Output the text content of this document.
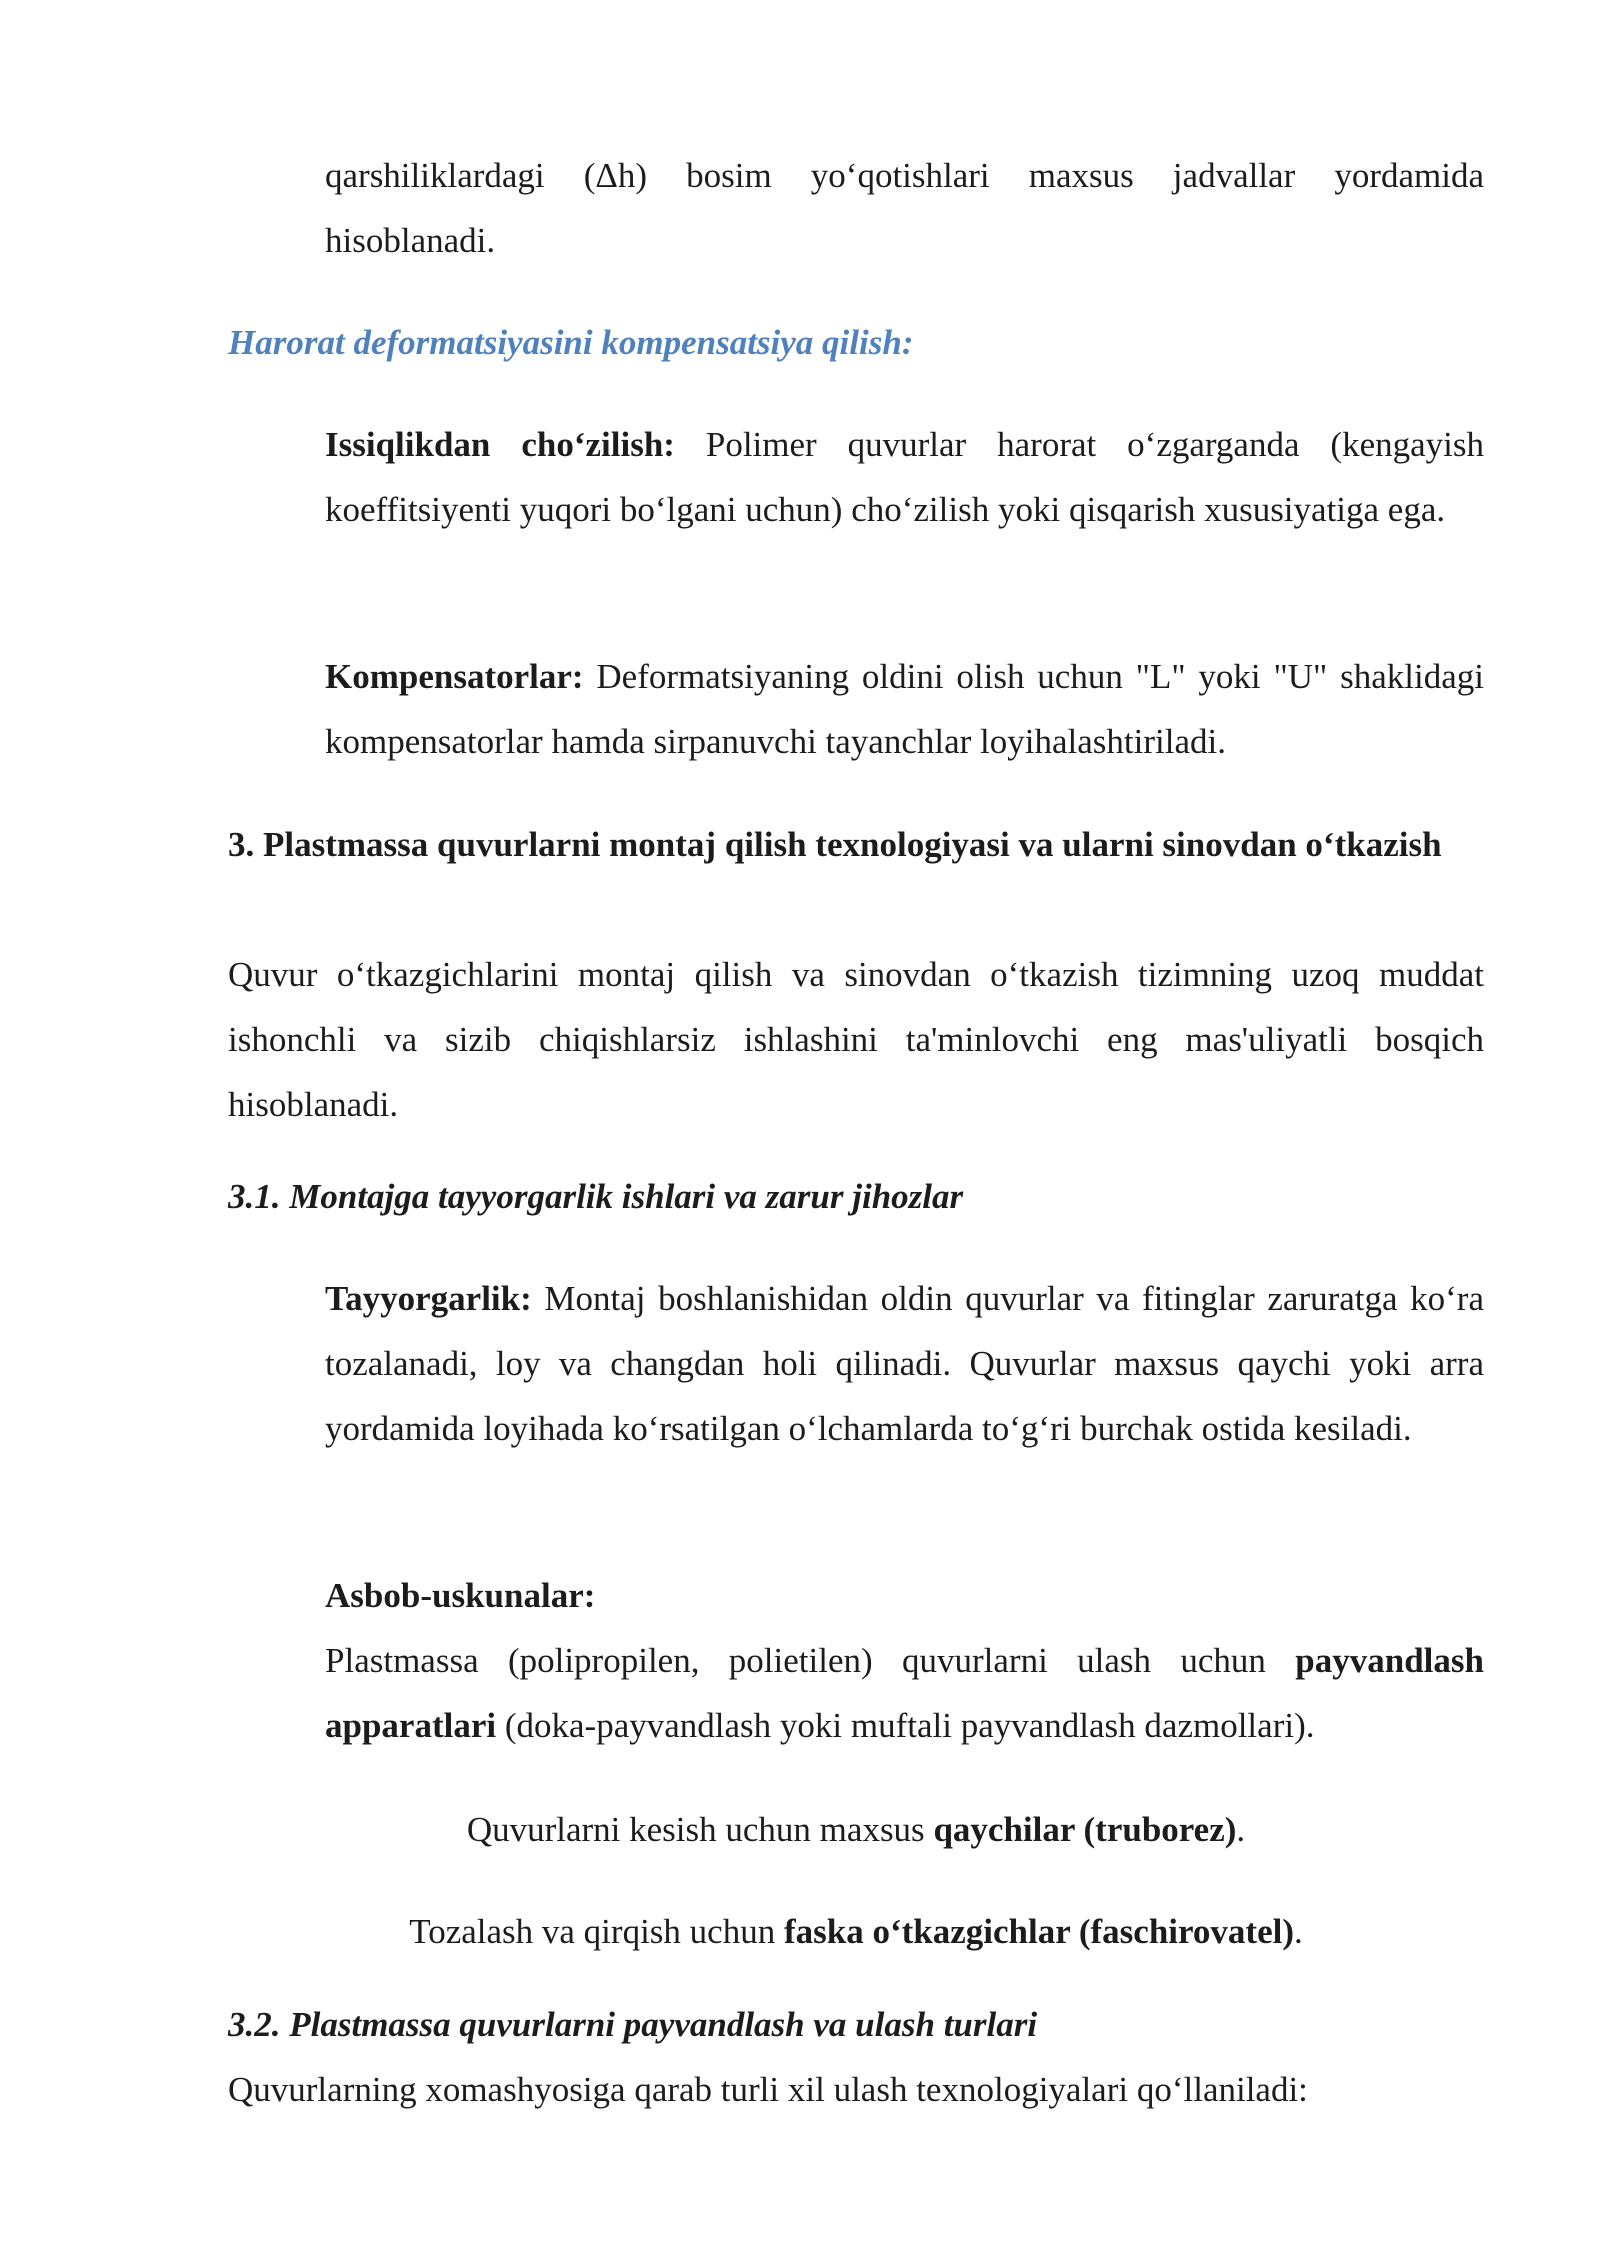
qarshiliklardagi (Δh) bosim yo‘qotishlari maxsus jadvallar yordamida

hisoblanadi.

Harorat deformatsiyasini kompensatsiya qilish:

Issiqlikdan cho‘zilish: Polimer quvurlar harorat o‘zgarganda (kengayish koeffitsiyenti yuqori bo‘lgani uchun) cho‘zilish yoki qisqarish xususiyatiga ega.

Kompensatorlar: Deformatsiyaning oldini olish uchun "L" yoki "U" shaklidagi kompensatorlar hamda sirpanuvchi tayanchlar loyihalashtiriladi.

3. Plastmassa quvurlarni montaj qilish texnologiyasi va ularni sinovdan o‘tkazish

Quvur o‘tkazgichlarini montaj qilish va sinovdan o‘tkazish tizimning uzoq muddat ishonchli va sizib chiqishlarsiz ishlashini ta'minlovchi eng mas'uliyatli bosqich hisoblanadi.

3.1. Montajga tayyorgarlik ishlari va zarur jihozlar

Tayyorgarlik: Montaj boshlanishidan oldin quvurlar va fitinglar zaruratga ko‘ra tozalanadi, loy va changdan holi qilinadi. Quvurlar maxsus qaychi yoki arra yordamida loyihada ko‘rsatilgan o‘lchamlarda to‘g‘ri burchak ostida kesiladi.

Asbob-uskunalar:
Plastmassa (polipropilen, polietilen) quvurlarni ulash uchun payvandlash apparatlari (doka-payvandlash yoki muftali payvandlash dazmollari).

Quvurlarni kesish uchun maxsus qaychilar (truborez).

Tozalash va qirqish uchun faska o‘tkazgichlar (faschirovatel).

3.2. Plastmassa quvurlarni payvandlash va ulash turlari

Quvurlarning xomashyosiga qarab turli xil ulash texnologiyalari qo‘llaniladi:
